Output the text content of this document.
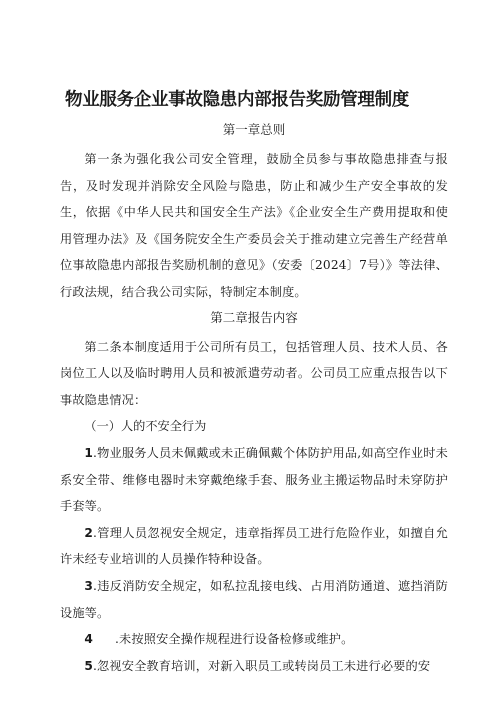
物业服务企业事故隐患内部报告奖励管理制度
第一章总则

第一条为强化我公司安全管理，鼓励全员参与事故隐患排查与报告，及时发现并消除安全风险与隐患，防止和减少生产安全事故的发生，依据《中华人民共和国安全生产法》《企业安全生产费用提取和使用管理办法》及《国务院安全生产委员会关于推动建立完善生产经营单位事故隐患内部报告奖励机制的意见》（安委〔2024〕7号）》等法律、行政法规，结合我公司实际，特制定本制度。

第二章报告内容

第二条本制度适用于公司所有员工，包括管理人员、技术人员、各岗位工人以及临时聘用人员和被派遣劳动者。公司员工应重点报告以下事故隐患情况：

（一）人的不安全行为

1.物业服务人员未佩戴或未正确佩戴个体防护用品,如高空作业时未系安全带、维修电器时未穿戴绝缘手套、服务业主搬运物品时未穿防护手套等。

2.管理人员忽视安全规定，违章指挥员工进行危险作业，如擅自允许未经专业培训的人员操作特种设备。

3.违反消防安全规定，如私拉乱接电线、占用消防通道、遮挡消防设施等。

4 .未按照安全操作规程进行设备检修或维护。

5.忽视安全教育培训，对新入职员工或转岗员工未进行必要的安
